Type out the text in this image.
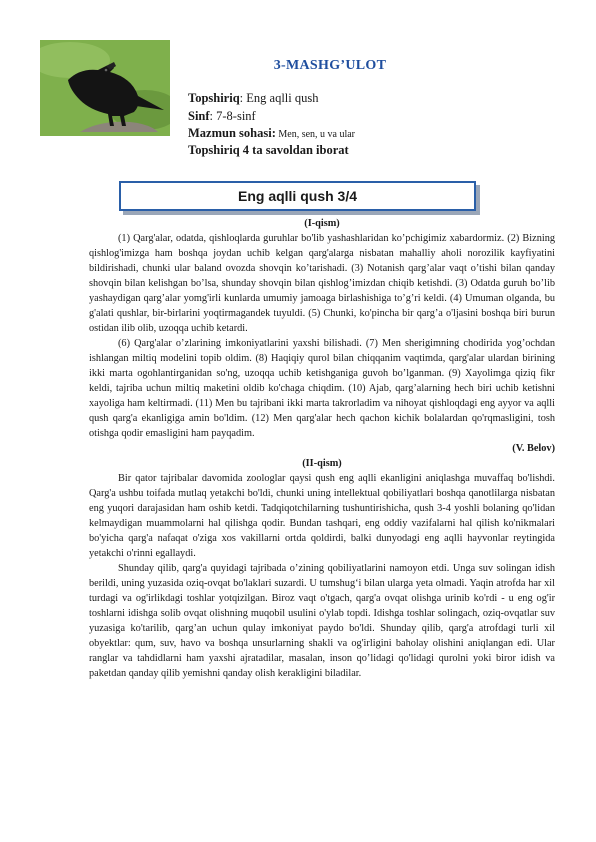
3-MASHG’ULOT
Topshiriq: Eng aqlli qush
Sinf: 7-8-sinf
Mazmun sohasi: Men, sen, u va ular
Topshiriq 4 ta savoldan iborat
Eng aqlli qush 3/4

(I-qism)

(1) Qarg'alar, odatda, qishloqlarda guruhlar bo'lib yashashlaridan ko’pchigimiz xabardormiz. (2) Bizning qishlog'imizga ham boshqa joydan uchib kelgan qarg'alarga nisbatan mahalliy aholi norozilik kayfiyatini bildirishadi, chunki ular baland ovozda shovqin ko’tarishadi. (3) Notanish qarg’alar vaqt o’tishi bilan qanday shovqin bilan kelishgan bo’lsa, shunday shovqin bilan qishlog’imizdan chiqib ketishdi. (3) Odatda guruh bo’lib yashaydigan qarg’alar yomg'irli kunlarda umumiy jamoaga birlashishiga to’g’ri keldi. (4) Umuman olganda, bu g'alati qushlar, bir-birlarini yoqtirmagandek tuyuldi. (5) Chunki, ko'pincha bir qarg’a o'ljasini boshqa biri burun ostidan ilib olib, uzoqqa uchib ketardi.

(6) Qarg'alar o’zlarining imkoniyatlarini yaxshi bilishadi. (7) Men sherigimning chodirida yog’ochdan ishlangan miltiq modelini topib oldim. (8) Haqiqiy qurol bilan chiqqanim vaqtimda, qarg'alar ulardan birining ikki marta ogohlantirganidan so'ng, uzoqqa uchib ketishganiga guvoh bo’lganman. (9) Xayolimga qiziq fikr keldi, tajriba uchun miltiq maketini oldib ko'chaga chiqdim. (10) Ajab, qarg’alarning hech biri uchib ketishni xayoliga ham keltirmadi. (11) Men bu tajribani ikki marta takrorladim va nihoyat qishloqdagi eng ayyor va aqlli qush qarg'a ekanligiga amin bo'ldim. (12) Men qarg'alar hech qachon kichik bolalardan qo'rqmasligini, tosh otishga qodir emasligini ham payqadim.

(V. Belov)

(II-qism)

Bir qator tajribalar davomida zoologlar qaysi qush eng aqlli ekanligini aniqlashga muvaffaq bo'lishdi. Qarg'a ushbu toifada mutlaq yetakchi bo'ldi, chunki uning intellektual qobiliyatlari boshqa qanotlilarga nisbatan eng yuqori darajasidan ham oshib ketdi. Tadqiqotchilarning tushuntirishicha, qush 3-4 yoshli bolaning qo'lidan kelmaydigan muammolarni hal qilishga qodir. Bundan tashqari, eng oddiy vazifalarni hal qilish ko'nikmalari bo'yicha qarg'a nafaqat o'ziga xos vakillarni ortda qoldirdi, balki dunyodagi eng aqlli hayvonlar reytingida yetakchi o'rinni egallaydi.

Shunday qilib, qarg'a quyidagi tajribada o’zining qobiliyatlarini namoyon etdi. Unga suv solingan idish berildi, uning yuzasida oziq-ovqat bo'laklari suzardi. U tumshug‘i bilan ularga yeta olmadi. Yaqin atrofda har xil turdagi va og'irlikdagi toshlar yotqizilgan. Biroz vaqt o'tgach, qarg'a ovqat olishga urinib ko'rdi - u eng og'ir toshlarni idishga solib ovqat olishning muqobil usulini o'ylab topdi. Idishga toshlar solingach, oziq-ovqatlar suv yuzasiga ko'tarilib, qarg’an uchun qulay imkoniyat paydo bo'ldi. Shunday qilib, qarg'a atrofdagi turli xil obyektlar: qum, suv, havo va boshqa unsurlarning shakli va og'irligini baholay olishini aniqlangan edi. Ular ranglar va tahdidlarni ham yaxshi ajratadilar, masalan, inson qo’lidagi qo'lidagi qurolni yoki biror idish va paketdan qanday qilib yemishni qanday olish kerakligini biladilar.
